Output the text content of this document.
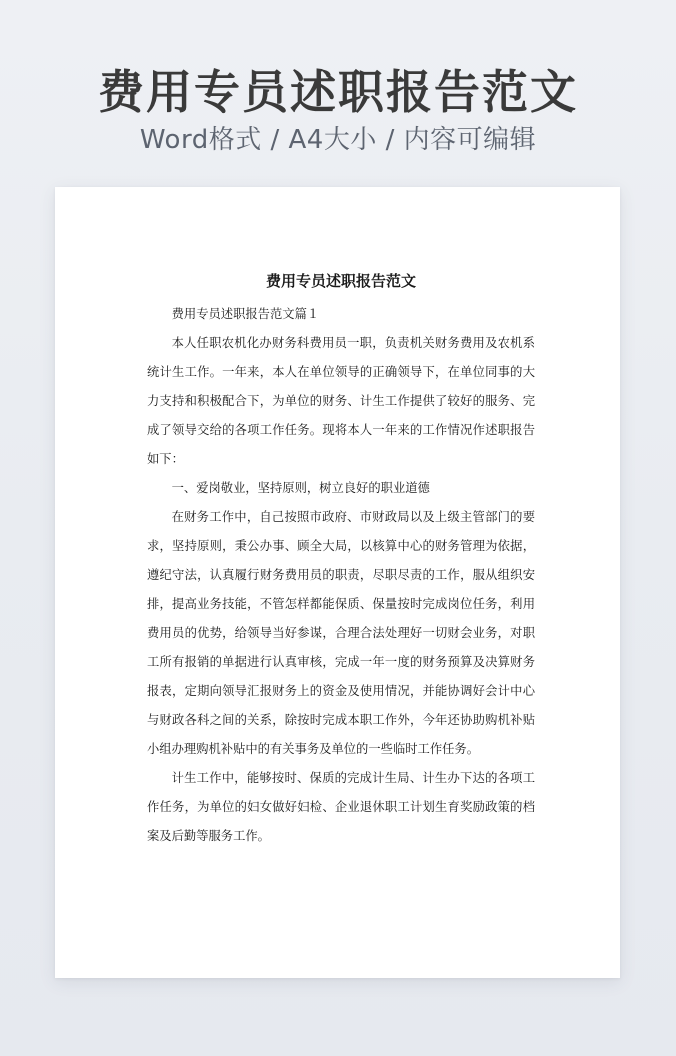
费用专员述职报告范文
Word格式 / A4大小 / 内容可编辑
费用专员述职报告范文

费用专员述职报告范文篇１

本人任职农机化办财务科费用员一职，负责机关财务费用及农机系统计生工作。一年来，本人在单位领导的正确领导下，在单位同事的大力支持和积极配合下，为单位的财务、计生工作提供了较好的服务、完成了领导交给的各项工作任务。现将本人一年来的工作情况作述职报告如下：

一、爱岗敬业，坚持原则，树立良好的职业道德

在财务工作中，自己按照市政府、市财政局以及上级主管部门的要求，坚持原则，秉公办事、顾全大局，以核算中心的财务管理为依据，遵纪守法，认真履行财务费用员的职责，尽职尽责的工作，服从组织安排，提高业务技能，不管怎样都能保质、保量按时完成岗位任务，利用费用员的优势，给领导当好参谋，合理合法处理好一切财会业务，对职工所有报销的单据进行认真审核，完成一年一度的财务预算及决算财务报表，定期向领导汇报财务上的资金及使用情况，并能协调好会计中心与财政各科之间的关系，除按时完成本职工作外，今年还协助购机补贴小组办理购机补贴中的有关事务及单位的一些临时工作任务。

计生工作中，能够按时、保质的完成计生局、计生办下达的各项工作任务，为单位的妇女做好妇检、企业退休职工计划生育奖励政策的档案及后勤等服务工作。
